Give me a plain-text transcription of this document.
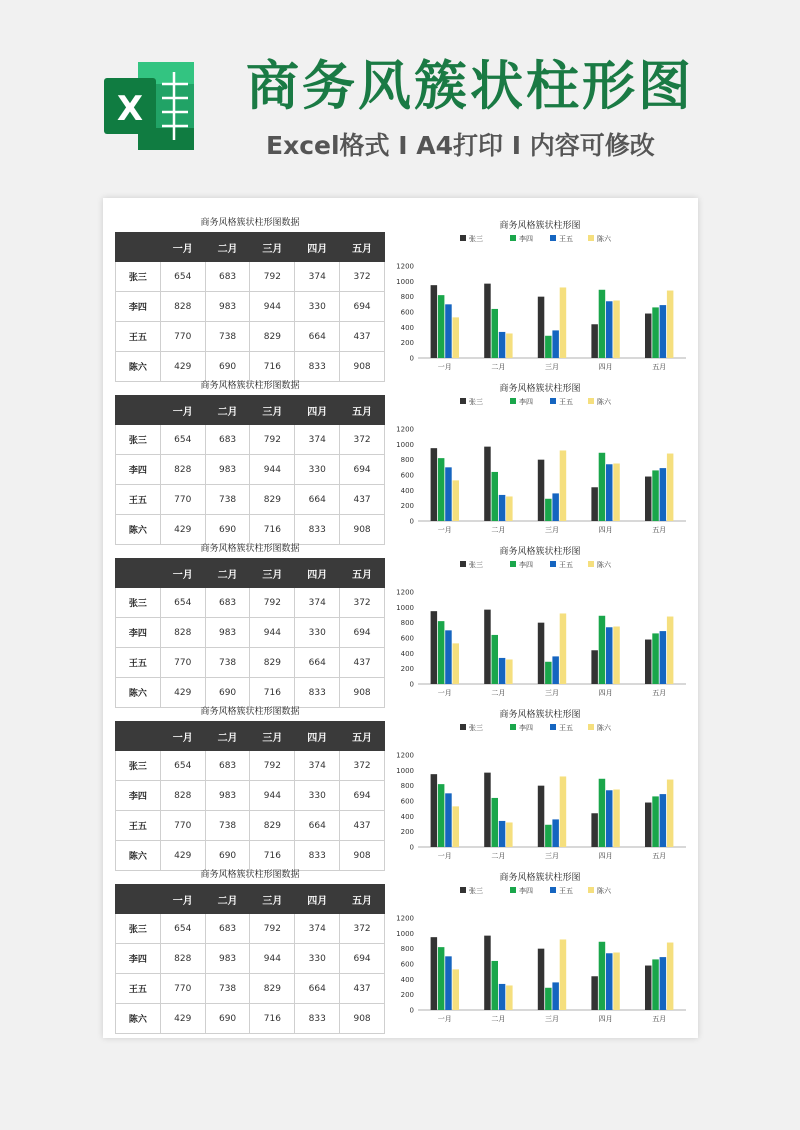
X 商务风簇状柱形图
Excel格式 I A4打印 I 内容可修改
商务风格簇状柱形图数据
	一月	二月	三月	四月	五月
张三	654	683	792	374	372
李四	828	983	944	330	694
王五	770	738	829	664	437
陈六	429	690	716	833	908
商务风格簇状柱形图
张三	李四	王五	陈六
0
200
400
600
800
1000
1200
一月	二月	三月	四月	五月
商务风格簇状柱形图数据
	一月	二月	三月	四月	五月
张三	654	683	792	374	372
李四	828	983	944	330	694
王五	770	738	829	664	437
陈六	429	690	716	833	908
商务风格簇状柱形图
张三	李四	王五	陈六
0
200
400
600
800
1000
1200
一月	二月	三月	四月	五月
商务风格簇状柱形图数据
	一月	二月	三月	四月	五月
张三	654	683	792	374	372
李四	828	983	944	330	694
王五	770	738	829	664	437
陈六	429	690	716	833	908
商务风格簇状柱形图
张三	李四	王五	陈六
0
200
400
600
800
1000
1200
一月	二月	三月	四月	五月
商务风格簇状柱形图数据
	一月	二月	三月	四月	五月
张三	654	683	792	374	372
李四	828	983	944	330	694
王五	770	738	829	664	437
陈六	429	690	716	833	908
商务风格簇状柱形图
张三	李四	王五	陈六
0
200
400
600
800
1000
1200
一月	二月	三月	四月	五月
商务风格簇状柱形图数据
	一月	二月	三月	四月	五月
张三	654	683	792	374	372
李四	828	983	944	330	694
王五	770	738	829	664	437
陈六	429	690	716	833	908
商务风格簇状柱形图
张三	李四	王五	陈六
0
200
400
600
800
1000
1200
一月	二月	三月	四月	五月
